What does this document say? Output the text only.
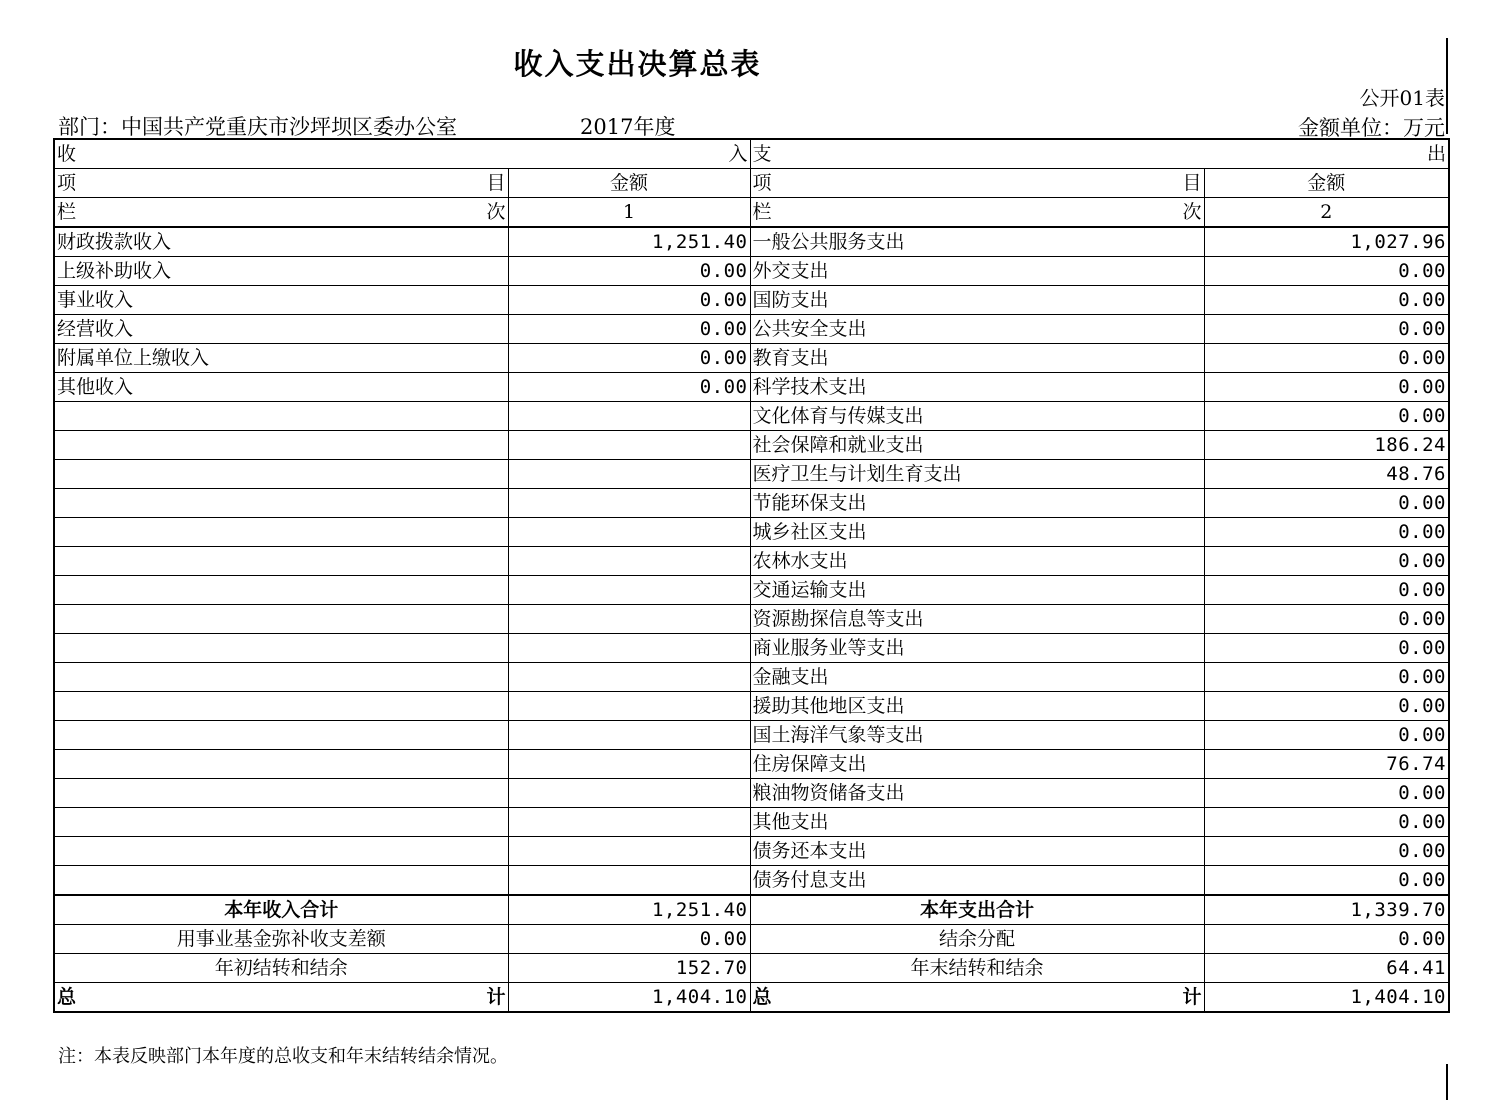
收入支出决算总表
公开01表
部门：中国共产党重庆市沙坪坝区委办公室	2017年度	金额单位：万元
收 入		支 出	

项 目	金额	项 目	金额

栏 次	1	栏 次	2
财政拨款收入	1,251.40	一般公共服务支出	1,027.96
上级补助收入	0.00	外交支出	0.00
事业收入	0.00	国防支出	0.00
经营收入	0.00	公共安全支出	0.00
附属单位上缴收入	0.00	教育支出	0.00
其他收入	0.00	科学技术支出	0.00
		文化体育与传媒支出	0.00
		社会保障和就业支出	186.24
		医疗卫生与计划生育支出	48.76
		节能环保支出	0.00
		城乡社区支出	0.00
		农林水支出	0.00
		交通运输支出	0.00
		资源勘探信息等支出	0.00
		商业服务业等支出	0.00
		金融支出	0.00
		援助其他地区支出	0.00
		国土海洋气象等支出	0.00
		住房保障支出	76.74
		粮油物资储备支出	0.00
		其他支出	0.00
		债务还本支出	0.00
		债务付息支出	0.00
本年收入合计	1,251.40	本年支出合计	1,339.70
用事业基金弥补收支差额	0.00	结余分配	0.00
年初结转和结余	152.70	年末结转和结余	64.41

总 计	1,404.10	总 计	1,404.10
注：本表反映部门本年度的总收支和年末结转结余情况。
